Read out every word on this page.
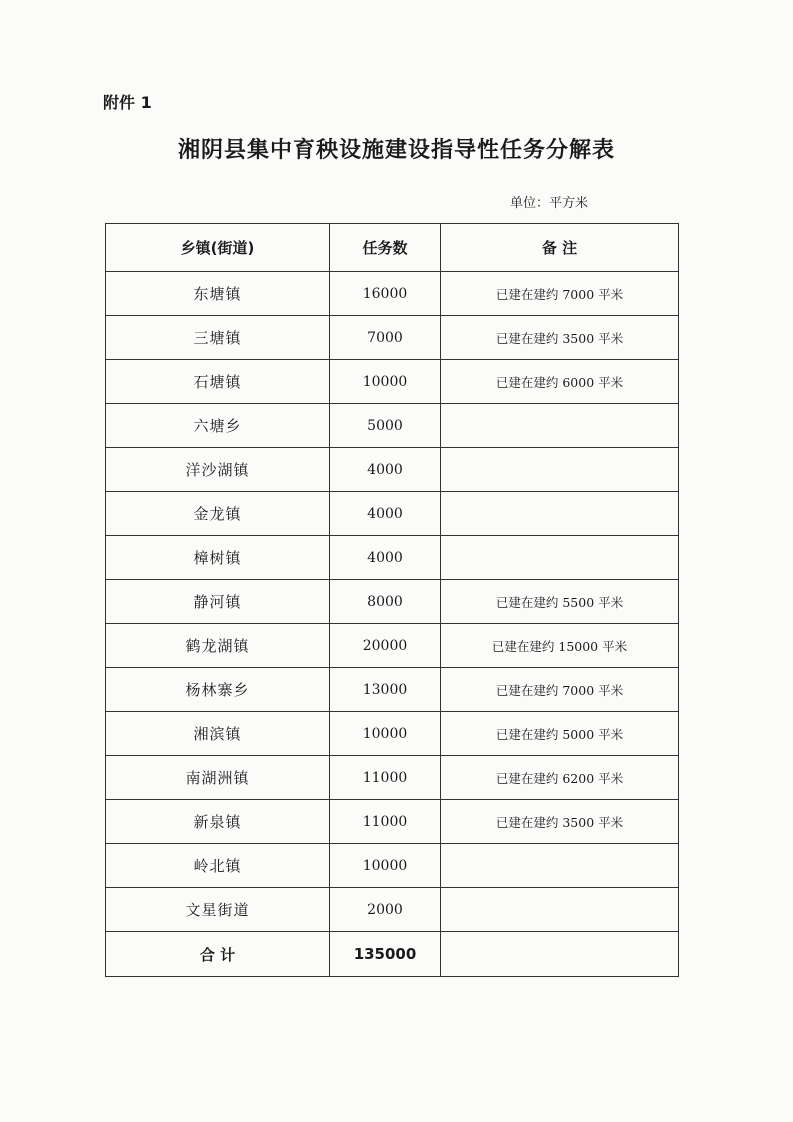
附件 1
湘阴县集中育秧设施建设指导性任务分解表
单位：平方米
乡镇(街道)	任务数	备 注
东塘镇	16000	已建在建约 7000 平米
三塘镇	7000	已建在建约 3500 平米
石塘镇	10000	已建在建约 6000 平米
六塘乡	5000	
洋沙湖镇	4000	
金龙镇	4000	
樟树镇	4000	
静河镇	8000	已建在建约 5500 平米
鹤龙湖镇	20000	已建在建约 15000 平米
杨林寨乡	13000	已建在建约 7000 平米
湘滨镇	10000	已建在建约 5000 平米
南湖洲镇	11000	已建在建约 6200 平米
新泉镇	11000	已建在建约 3500 平米
岭北镇	10000	
文星街道	2000	
合 计	135000	
